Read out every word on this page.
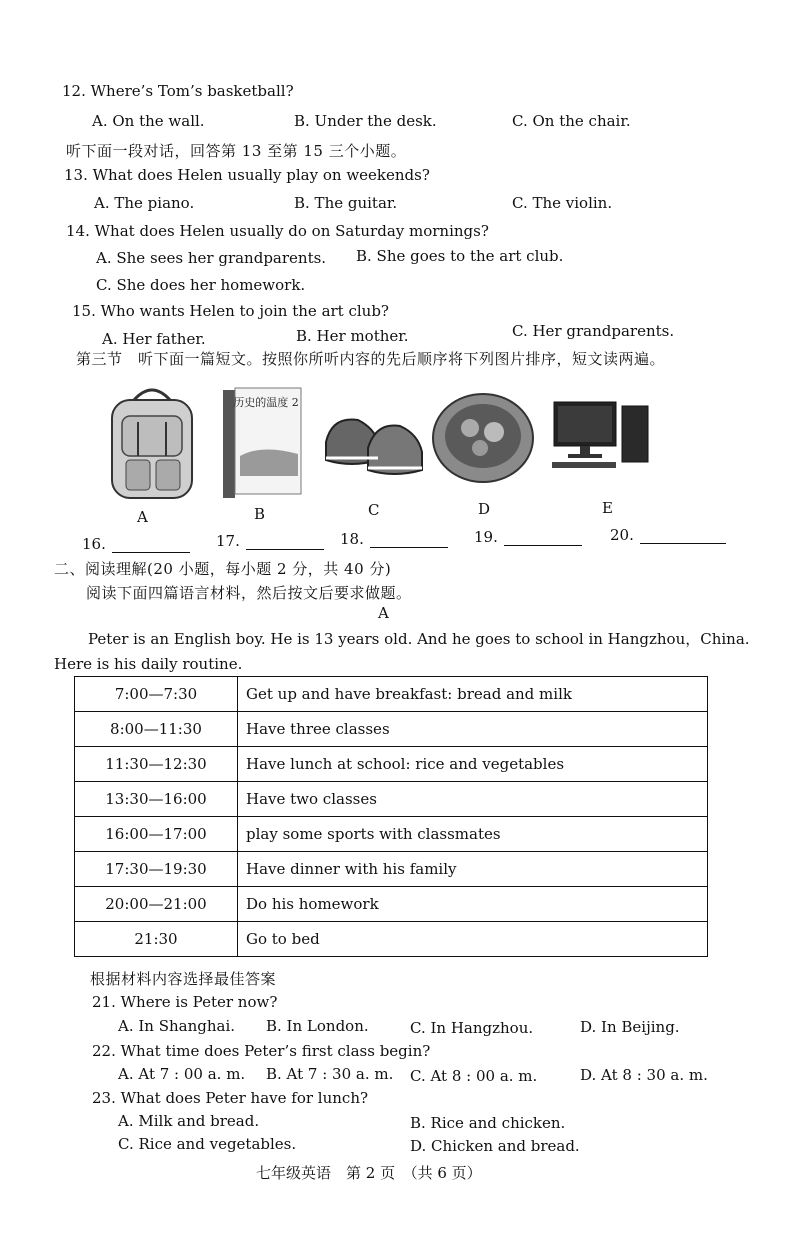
12. Where’s Tom’s basketball?
A. On the wall.	B. Under the desk.	C. On the chair.
听下面一段对话，回答第 13 至第 15 三个小题。
13. What does Helen usually play on weekends?
A. The piano.	B. The guitar.	C. The violin.
14. What does Helen usually do on Saturday mornings?
A. She sees her grandparents. B. She goes to the art club.
C. She does her homework.
15. Who wants Helen to join the art club?
A. Her father.	B. Her mother.	C. Her grandparents.
第三节　听下面一篇短文。按照你所听内容的先后顺序将下列图片排序，短文读两遍。
历史的温度 2
A	B	C	D	E
16.	17.	18.	19.	20.
二、阅读理解(20 小题，每小题 2 分，共 40 分)
阅读下面四篇语言材料，然后按文后要求做题。
A
Peter is an English boy. He is 13 years old. And he goes to school in Hangzhou，China.
Here is his daily routine.
7:00—7:30	Get up and have breakfast: bread and milk
8:00—11:30	Have three classes
11:30—12:30	Have lunch at school: rice and vegetables
13:30—16:00	Have two classes
16:00—17:00	play some sports with classmates
17:30—19:30	Have dinner with his family
20:00—21:00	Do his homework
21:30	Go to bed
根据材料内容选择最佳答案
21. Where is Peter now?
A. In Shanghai. B. In London.	C. In Hangzhou.	D. In Beijing.
22. What time does Peter’s first class begin?
A. At 7 : 00 a. m. B. At 7 : 30 a. m. C. At 8 : 00 a. m.	D. At 8 : 30 a. m.
23. What does Peter have for lunch?
A. Milk and bread.	B. Rice and chicken.
C. Rice and vegetables.	D. Chicken and bread.
七年级英语　第 2 页　（共 6 页）
